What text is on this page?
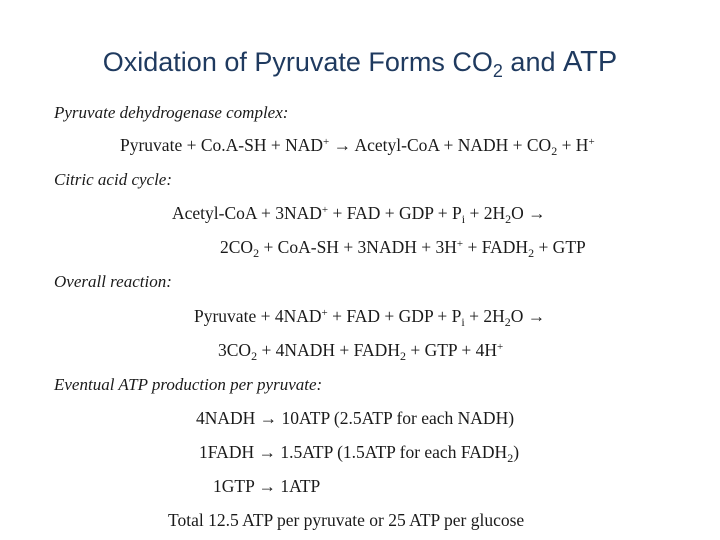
Oxidation of Pyruvate Forms $CO_2$ and ATP
Pyruvate dehydrogenase complex:
Pyruvate + Co.A-SH + NAD+ → Acetyl-CoA + NADH + $CO_2 + H^+$
Citric acid cycle:
Acetyl-CoA + 3NAD+ + FAD + GDP + $P_i + 2H_2O$ →
$2CO_2 + CoA-SH$ + 3NADH + $3H^+ + FADH_2$ + GTP
Overall reaction:
Pyruvate + 4NAD+ + FAD + GDP + $P_i + 2H_2O$ →
$3CO_2$ + 4NADH + $FADH_2$ + GTP + 4H+
Eventual ATP production per pyruvate:
4NADH → 10ATP (2.5ATP for each NADH)
1FADH → 1.5ATP (1.5ATP for each $FADH_2$)
1GTP → 1ATP
Total 12.5 ATP per pyruvate or 25 ATP per glucose
